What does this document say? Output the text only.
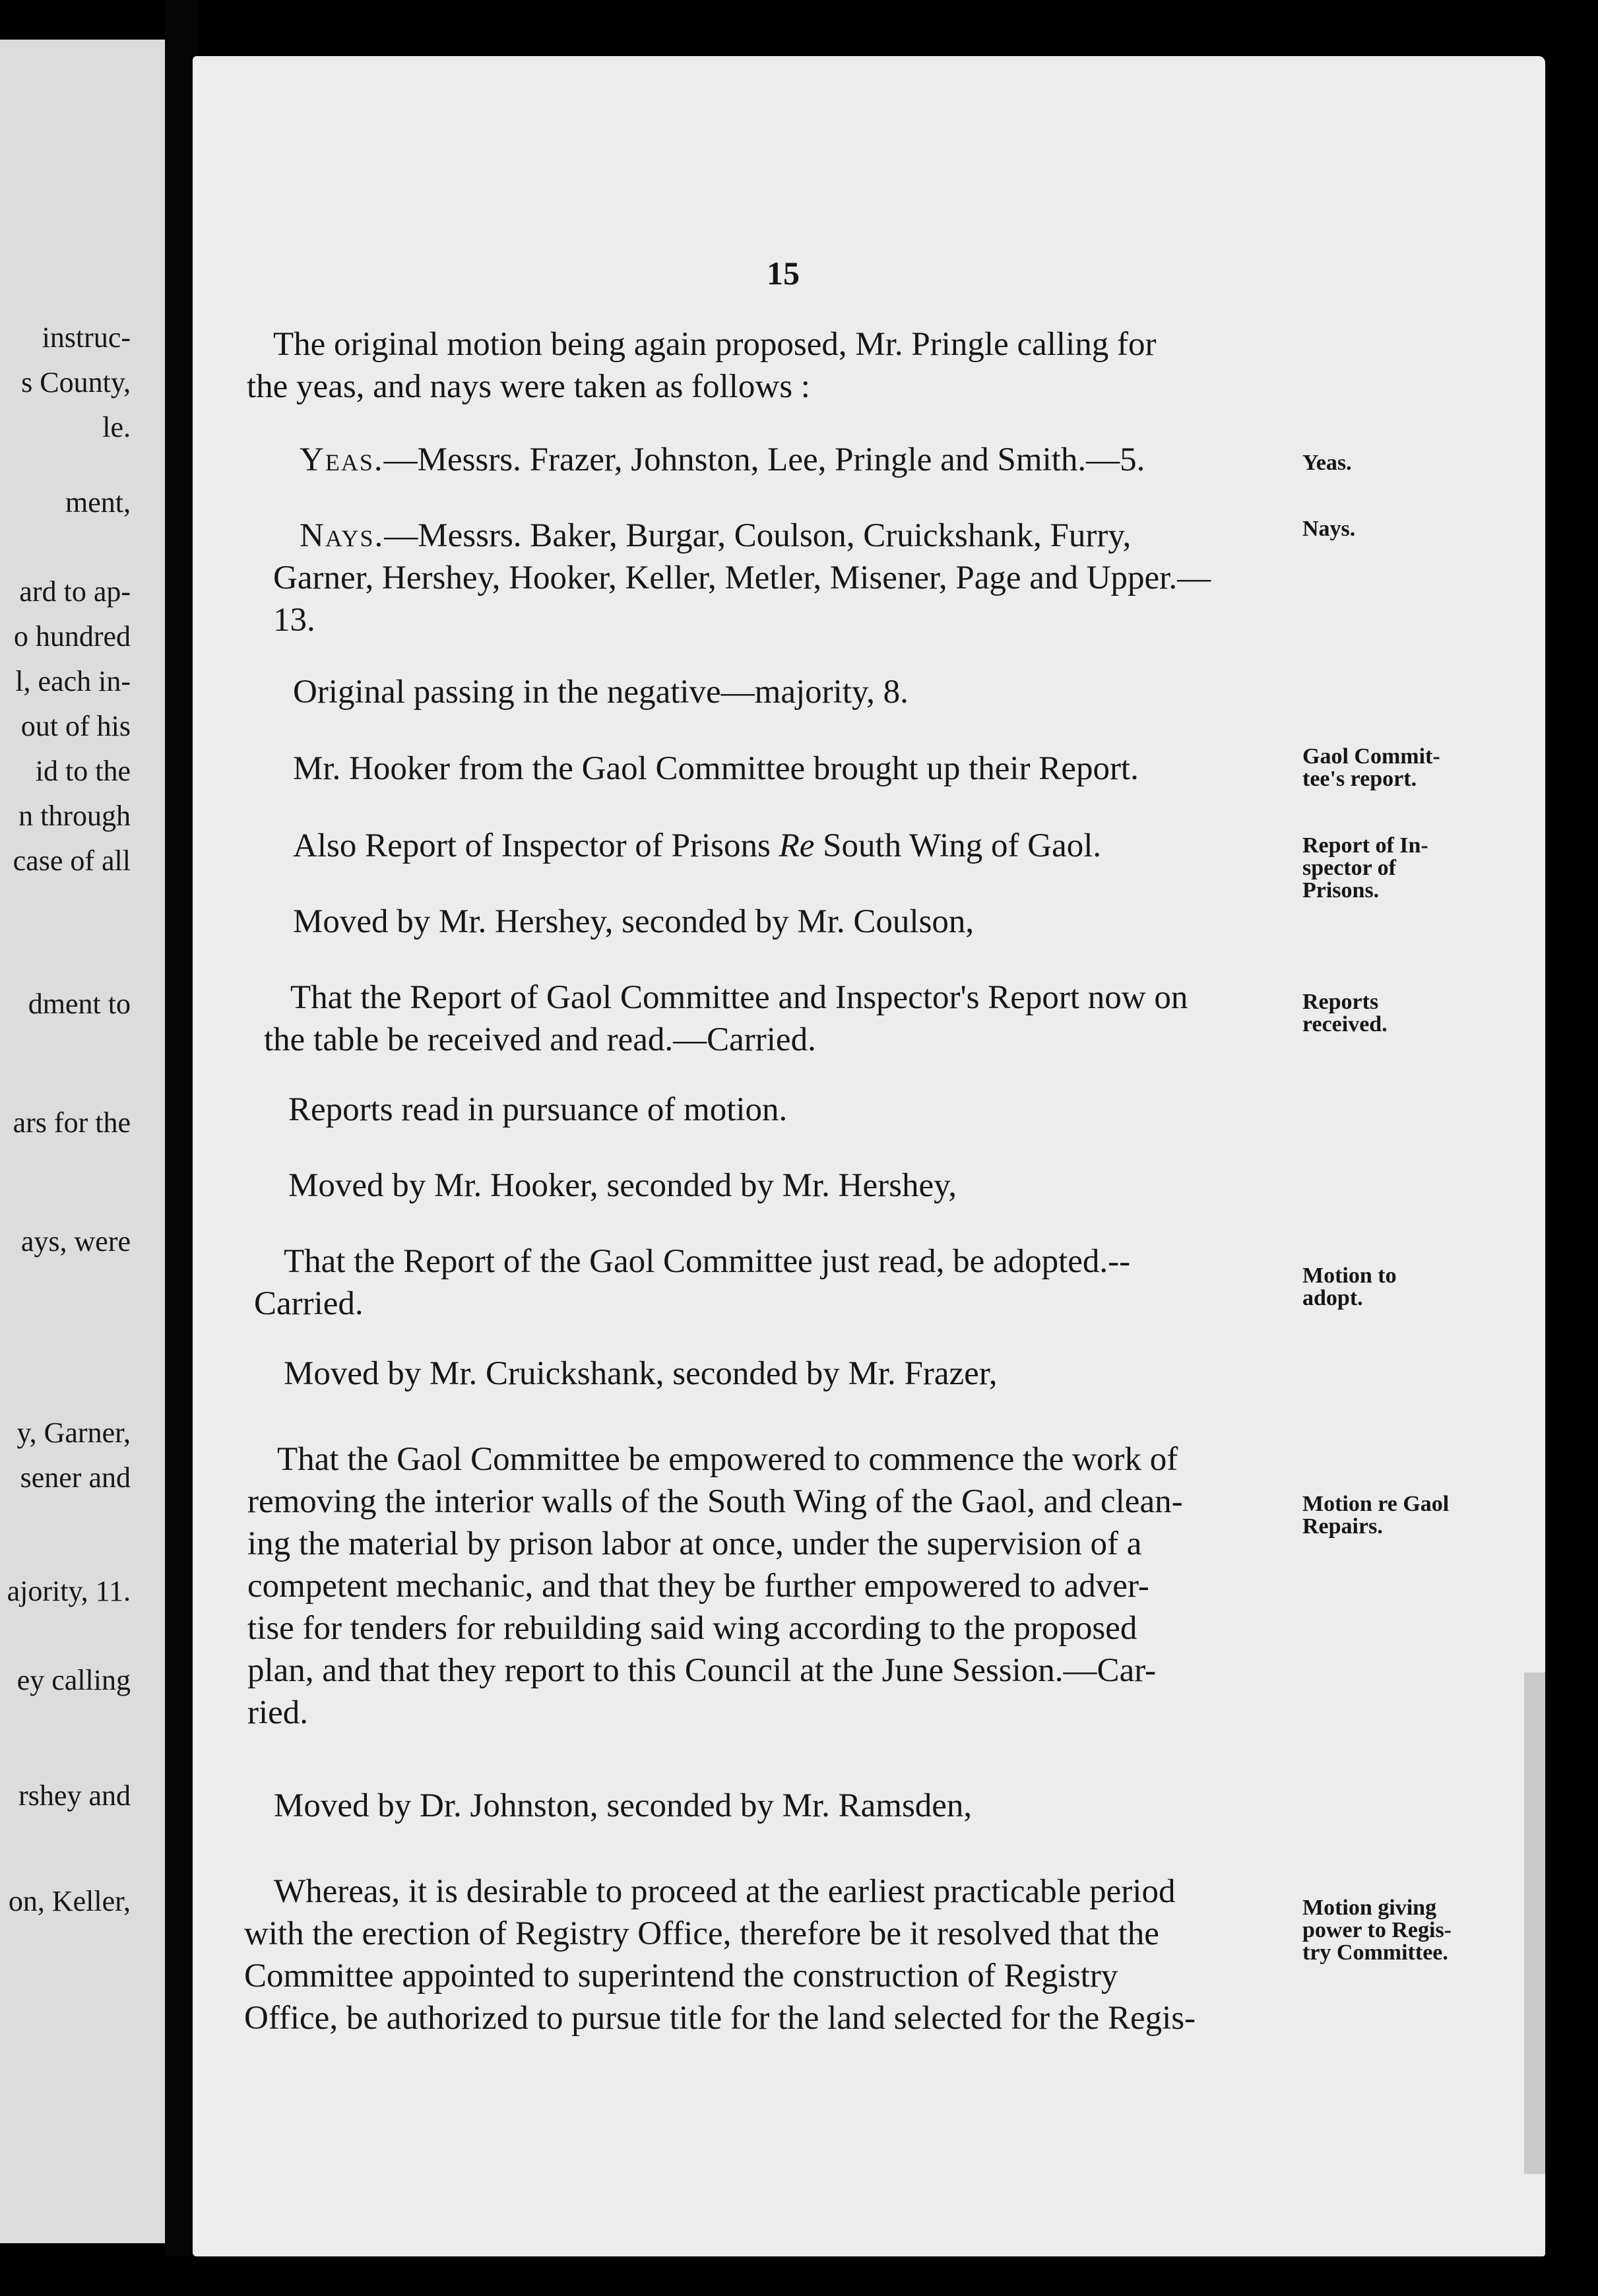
instruc-
s County,
le.
ment,
ard to ap-
o hundred
l, each in-
out of his
id to the
n through
case of all
dment to
ars for the
ays, were
y, Garner,
sener and
ajority, 11.
ey calling
rshey and
on, Keller,
15
The original motion being again proposed, Mr. Pringle calling for
the yeas, and nays were taken as follows :
Yeas.—Messrs. Frazer, Johnston, Lee, Pringle and Smith.—5.
Nays.—Messrs. Baker, Burgar, Coulson, Cruickshank, Furry,
Garner, Hershey, Hooker, Keller, Metler, Misener, Page and Upper.—
13.
Original passing in the negative—majority, 8.
Mr. Hooker from the Gaol Committee brought up their Report.
Also Report of Inspector of Prisons Re South Wing of Gaol.
Moved by Mr. Hershey, seconded by Mr. Coulson,
That the Report of Gaol Committee and Inspector's Report now on
the table be received and read.—Carried.
Reports read in pursuance of motion.
Moved by Mr. Hooker, seconded by Mr. Hershey,
That the Report of the Gaol Committee just read, be adopted.--
Carried.
Moved by Mr. Cruickshank, seconded by Mr. Frazer,
That the Gaol Committee be empowered to commence the work of
removing the interior walls of the South Wing of the Gaol, and clean-
ing the material by prison labor at once, under the supervision of a
competent mechanic, and that they be further empowered to adver-
tise for tenders for rebuilding said wing according to the proposed
plan, and that they report to this Council at the June Session.—Car-
ried.
Moved by Dr. Johnston, seconded by Mr. Ramsden,
Whereas, it is desirable to proceed at the earliest practicable period
with the erection of Registry Office, therefore be it resolved that the
Committee appointed to superintend the construction of Registry
Office, be authorized to pursue title for the land selected for the Regis-
Yeas.
Nays.
Gaol Commit-
tee's report.
Report of In-
spector of
Prisons.
Reports
received.
Motion to
adopt.
Motion re Gaol
Repairs.
Motion giving
power to Regis-
try Committee.
